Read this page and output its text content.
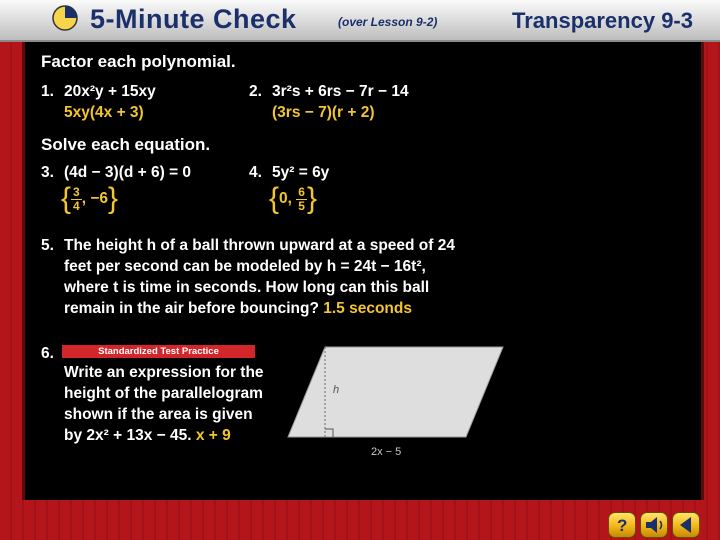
5-Minute Check	(over Lesson 9-2)	Transparency 9-3
Factor each polynomial.
1. 20x²y + 15xy
5xy(4x + 3)
2. 3r²s + 6rs − 7r − 14
(3rs − 7)(r + 2)
Solve each equation.
3. (4d − 3)(d + 6) = 0
{ $\frac{3}{4}$ , −6}
4. 5y² = 6y
{0, $\frac{6}{5}$ }
5. The height h of a ball thrown upward at a speed of 24
feet per second can be modeled by h = 24t − 16t²,
where t is time in seconds. How long can this ball
remain in the air before bouncing? 1.5 seconds
6.
Write an expression for the
height of the parallelogram
shown if the area is given
by 2x² + 13x − 45. x + 9
h
2x − 5
Standardized Test Practice
?
